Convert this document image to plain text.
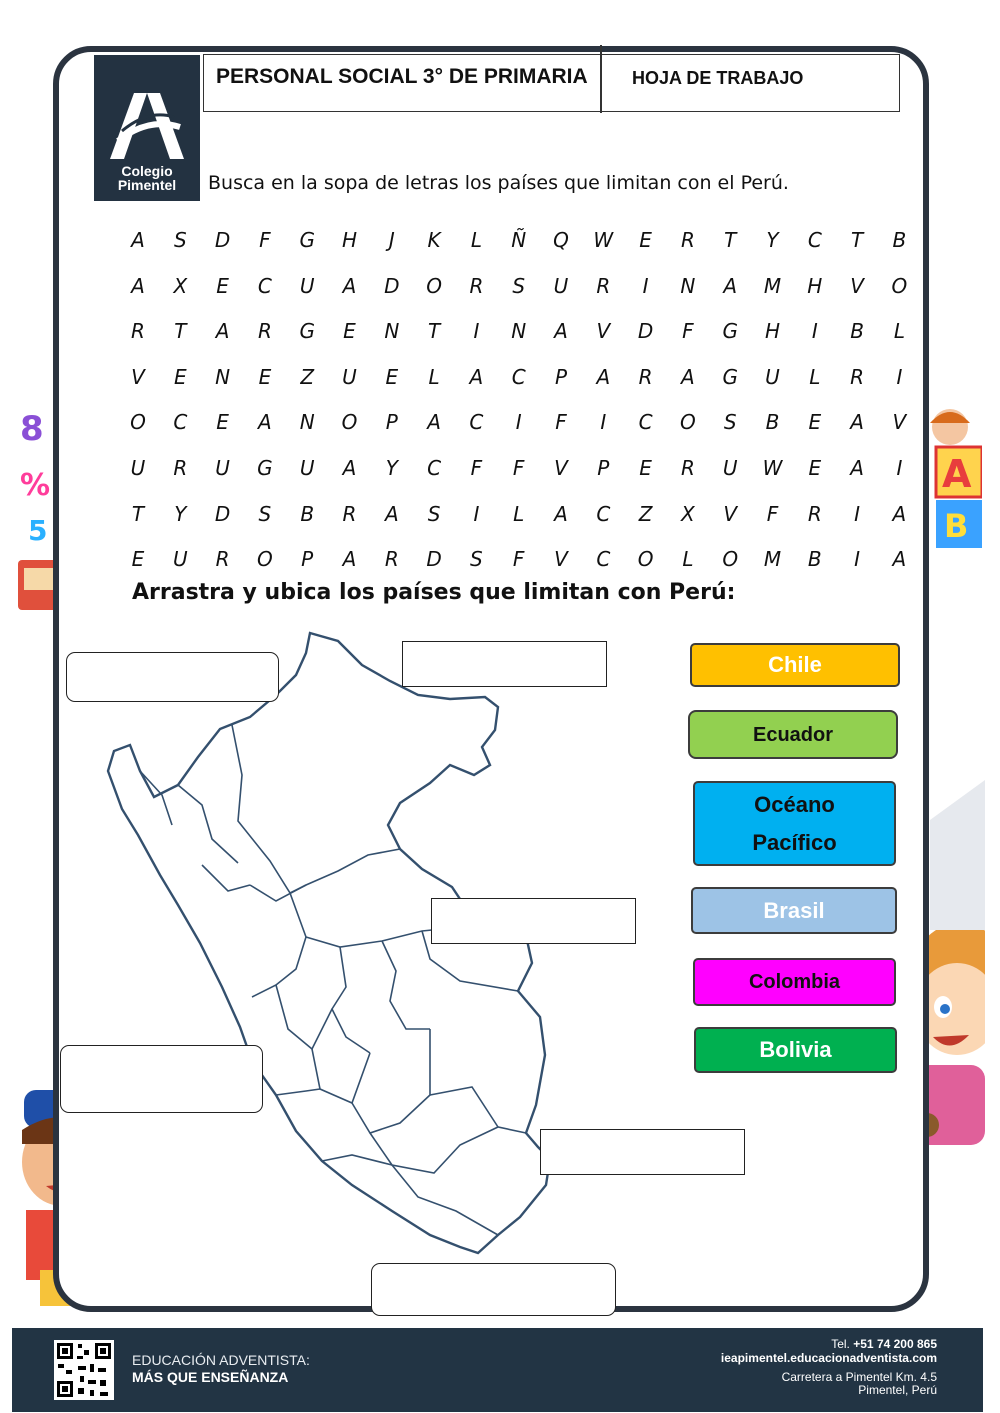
8
%
5
A
B
Colegio
Pimentel
PERSONAL SOCIAL 3° DE PRIMARIA HOJA DE TRABAJO
Busca en la sopa de letras los países que limitan con el Perú.
A S D	F	G H	J	K	L	Ñ Q W E R T Y C T B
A X E C U A D O R S U R	I	N A M H V O
R T A R G E N T	I	N A V D	F	G H	I	B	L
V E N E Z U E	L	A C P A R A G U	L	R	I
O C E A N O P A C	I	F	I	C O S B E A V
U R U G U A Y C	F	F	V P E R U W E A	I
T Y D S B R A S	I	L	A C Z X V	F	R	I	A
E U R O P A R D S	F	V C O	L	O M B	I	A
Arrastra y ubica los países que limitan con Perú:
Chile
Ecuador
Océano Pacífico
Brasil
Colombia
Bolivia
EDUCACIÓN ADVENTISTA:
MÁS QUE ENSEÑANZA
Tel. +51 74 200 865
ieapimentel.educacionadventista.com
Carretera a Pimentel Km. 4.5
Pimentel, Perú
